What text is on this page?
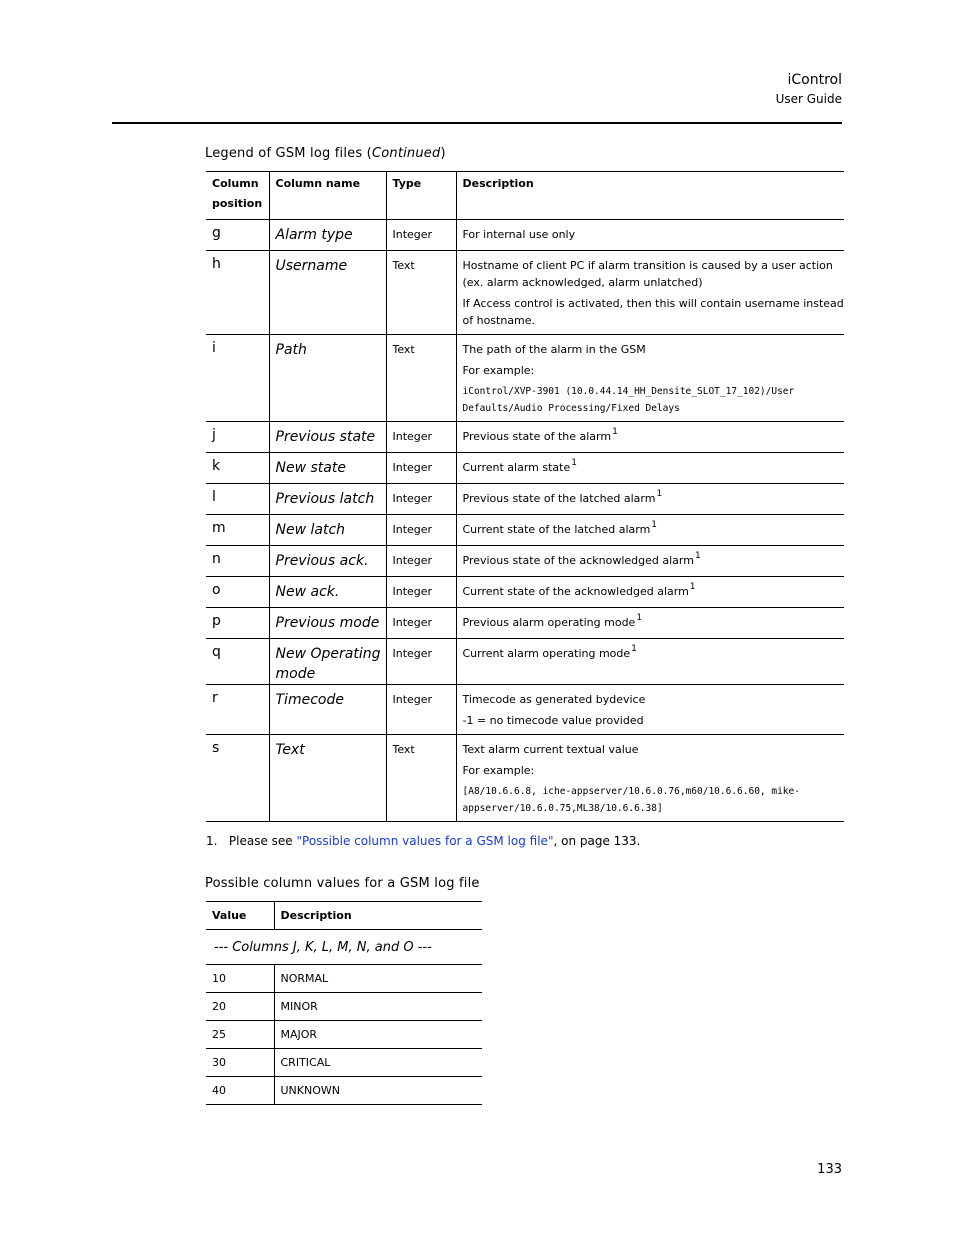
iControl
User Guide
Legend of GSM log files (Continued)
Column position	Column name	Type	Description
g	Alarm type	Integer	For internal use only

h	Username	Text	Hostname of client PC if alarm transition is caused by a user action (ex. alarm acknowledged, alarm unlatched)

If Access control is activated, then this will contain username instead of hostname.

i	Path	Text	The path of the alarm in the GSM

For example:

iControl/XVP-3901 (10.0.44.14_HH_Densite_SLOT_17_102)/User Defaults/Audio Processing/Fixed Delays

j	Previous state	Integer	Previous state of the alarm$^1$

k	New state	Integer	Current alarm state$^1$

l	Previous latch	Integer	Previous state of the latched alarm$^1$

m	New latch	Integer	Current state of the latched alarm$^1$

n	Previous ack.	Integer	Previous state of the acknowledged alarm$^1$

o	New ack.	Integer	Current state of the acknowledged alarm$^1$

p	Previous mode	Integer	Previous alarm operating mode$^1$

q	New Operating mode	Integer	Current alarm operating mode$^1$

r	Timecode	Integer	Timecode as generated bydevice

-1 = no timecode value provided

s	Text	Text	Text alarm current textual value

For example:

[A8/10.6.6.8, iche-appserver/10.6.0.76,m60/10.6.6.60, mike-appserver/10.6.0.75,ML38/10.6.6.38]
1. Please see "Possible column values for a GSM log file", on page 133.
Possible column values for a GSM log file
Value	Description
--- Columns J, K, L, M, N, and O ---	
10	NORMAL
20	MINOR
25	MAJOR
30	CRITICAL
40	UNKNOWN
133
